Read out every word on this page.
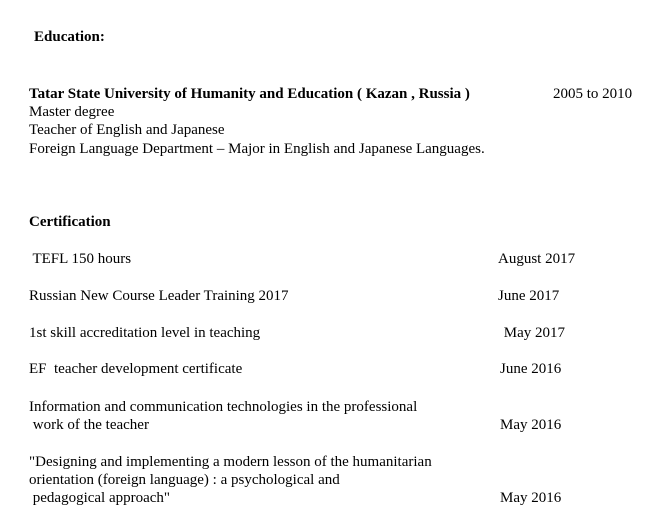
Education:
Tatar State University of Humanity and Education ( Kazan , Russia )	2005 to 2010
Master degree
Teacher of English and Japanese
Foreign Language Department – Major in English and Japanese Languages.
Certification
TEFL 150 hours	August 2017
Russian New Course Leader Training 2017	June 2017
1st skill accreditation level in teaching	May 2017
EF  teacher development certificate	June 2016
Information and communication technologies in the professional
work of the teacher	May 2016
"Designing and implementing a modern lesson of the humanitarian
orientation (foreign language) : a psychological and
pedagogical approach"	May 2016
